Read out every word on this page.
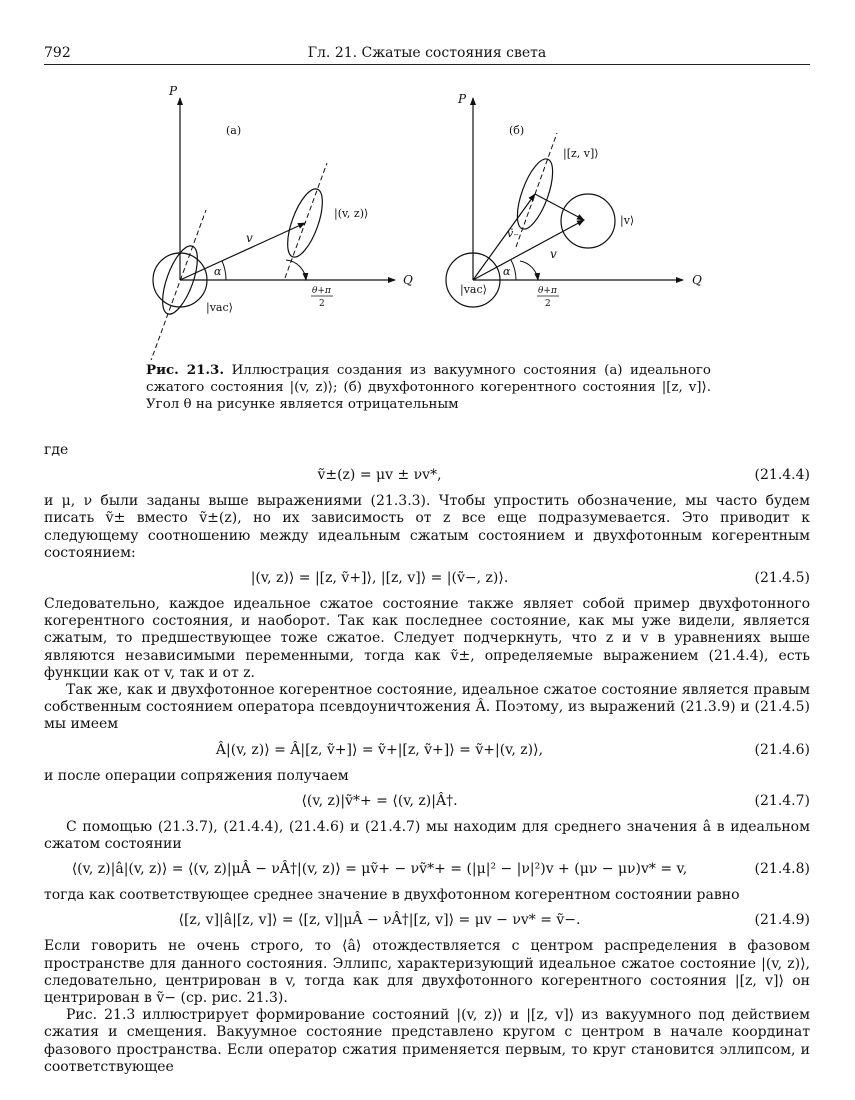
792	Гл. 21. Сжатые состояния света
P
Q
(а)
v
α
|(v, z)⟩
|vac⟩
θ+π
2
P
Q
(б)
|vac⟩
ṽ₋
v
α
|[z, v]⟩
|v⟩
θ+π
2
Рис. 21.3. Иллюстрация создания из вакуумного состояния (а) идеального сжатого состояния |(v, z)⟩; (б) двухфотонного когерентного состояния |[z, v]⟩. Угол θ на рисунке является отрицательным
где
ṽ±(z) = μv ± νv*,	(21.4.4)

и μ, ν были заданы выше выражениями (21.3.3). Чтобы упростить обозначение, мы часто будем писать ṽ± вместо ṽ±(z), но их зависимость от z все еще подразумевается. Это приводит к следующему соотношению между идеальным сжатым состоянием и двухфотонным когерентным состоянием:

|(v, z)⟩ = |[z, ṽ+]⟩, |[z, v]⟩ = |(ṽ−, z)⟩.	(21.4.5)

Следовательно, каждое идеальное сжатое состояние также являет собой пример двухфотонного когерентного состояния, и наоборот. Так как последнее состояние, как мы уже видели, является сжатым, то предшествующее тоже сжатое. Следует подчеркнуть, что z и v в уравнениях выше являются независимыми переменными, тогда как ṽ±, определяемые выражением (21.4.4), есть функции как от v, так и от z.

Так же, как и двухфотонное когерентное состояние, идеальное сжатое состояние является правым собственным состоянием оператора псевдоуничтожения Â. Поэтому, из выражений (21.3.9) и (21.4.5) мы имеем

Â|(v, z)⟩ = Â|[z, ṽ+]⟩ = ṽ+|[z, ṽ+]⟩ = ṽ+|(v, z)⟩,	(21.4.6)

и после операции сопряжения получаем

⟨(v, z)|ṽ*+ = ⟨(v, z)|Â†.	(21.4.7)

С помощью (21.3.7), (21.4.4), (21.4.6) и (21.4.7) мы находим для среднего значения â в идеальном сжатом состоянии

⟨(v, z)|â|(v, z)⟩ = ⟨(v, z)|μÂ − νÂ†|(v, z)⟩ = μṽ+ − νṽ*+ = (|μ|² − |ν|²)v + (μν − μν)v* = v,	(21.4.8)

тогда как соответствующее среднее значение в двухфотонном когерентном состоянии равно

⟨[z, v]|â|[z, v]⟩ = ⟨[z, v]|μÂ − νÂ†|[z, v]⟩ = μv − νv* = ṽ−.	(21.4.9)

Если говорить не очень строго, то ⟨â⟩ отождествляется с центром распределения в фазовом пространстве для данного состояния. Эллипс, характеризующий идеальное сжатое состояние |(v, z)⟩, следовательно, центрирован в v, тогда как для двухфотонного когерентного состояния |[z, v]⟩ он центрирован в ṽ− (ср. рис. 21.3).

Рис. 21.3 иллюстрирует формирование состояний |(v, z)⟩ и |[z, v]⟩ из вакуумного под действием сжатия и смещения. Вакуумное состояние представлено кругом с центром в начале координат фазового пространства. Если оператор сжатия применяется первым, то круг становится эллипсом, и соответствующее
